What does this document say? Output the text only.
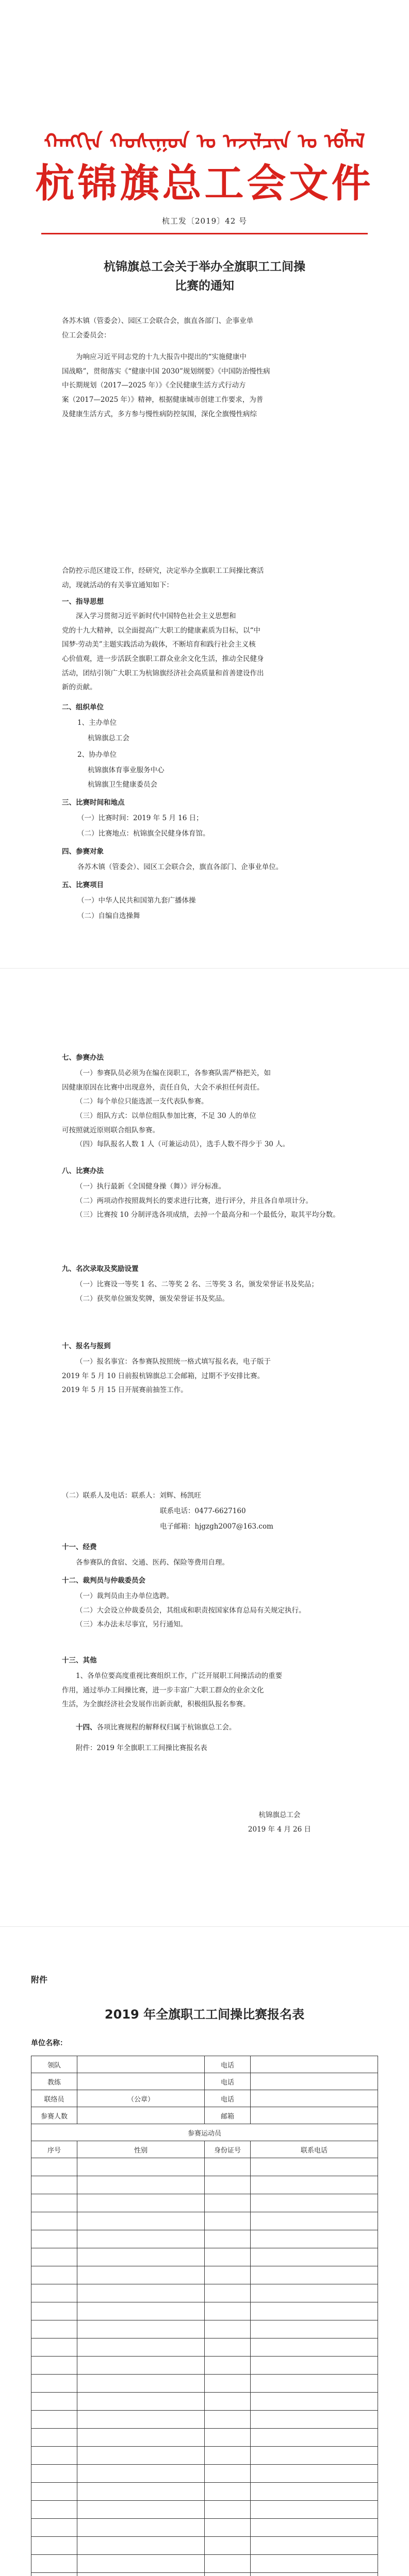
ᠬᠠᠩᠭᠢᠨ ᠬᠣᠰᠢᠭᠤᠨ ᠤ ᠠᠵᠢᠯᠴᠢᠨ ᠤ ᠡᠪᠯᠡᠯ
杭锦旗总工会文件
杭工发〔2019〕42 号
杭锦旗总工会关于举办全旗职工工间操
比赛的通知
各苏木镇（管委会）、园区工会联合会，旗直各部门、企事业单
位工会委员会：
为响应习近平同志党的十九大报告中提出的“实施健康中
国战略”，贯彻落实《“健康中国 2030”规划纲要》《中国防治慢性病
中长期规划（2017—2025 年）》《全民健康生活方式行动方
案（2017—2025 年）》精神，根据健康城市创建工作要求，为普
及健康生活方式，多方参与慢性病防控氛围，深化全旗慢性病综
合防控示范区建设工作，经研究，决定举办全旗职工工间操比赛活
动，现就活动的有关事宜通知如下：
一、指导思想
深入学习贯彻习近平新时代中国特色社会主义思想和
党的十九大精神，以全面提高广大职工的健康素质为目标，以“中
国梦·劳动美”主题实践活动为载体，不断培育和践行社会主义核
心价值观，进一步活跃全旗职工群众业余文化生活，推动全民健身
活动，团结引领广大职工为杭锦旗经济社会高质量和首善建设作出
新的贡献。
二、组织单位
1、主办单位
杭锦旗总工会
2、协办单位
杭锦旗体育事业服务中心
杭锦旗卫生健康委员会
三、比赛时间和地点
（一）比赛时间：2019 年 5 月 16 日；
（二）比赛地点：杭锦旗全民健身体育馆。
四、参赛对象
各苏木镇（管委会）、园区工会联合会，旗直各部门、企事业单位。
五、比赛项目
（一）中华人民共和国第九套广播体操
（二）自编自选操舞
七、参赛办法
（一）参赛队员必须为在编在岗职工，各参赛队需严格把关，如
因健康原因在比赛中出现意外，责任自负，大会不承担任何责任。
（二）每个单位只能选派一支代表队参赛。
（三）组队方式：以单位组队参加比赛，不足 30 人的单位
可按照就近原则联合组队参赛。
（四）每队报名人数 1 人（可兼运动员），选手人数不得少于 30 人。
八、比赛办法
（一）执行最新《全国健身操（舞）》评分标准。
（二）两项动作按照裁判长的要求进行比赛，进行评分，并且各自单项计分。
（三）比赛按 10 分制评选各项成绩，去掉一个最高分和一个最低分，取其平均分数。
九、名次录取及奖励设置
（一）比赛设一等奖 1 名、二等奖 2 名、三等奖 3 名，颁发荣誉证书及奖品；
（二）获奖单位颁发奖牌，颁发荣誉证书及奖品。
十、报名与报到
（一）报名事宜：各参赛队按照统一格式填写报名表，电子版于
2019 年 5 月 10 日前报杭锦旗总工会邮箱，过期不予安排比赛。
2019 年 5 月 15 日开展赛前抽签工作。
（二）联系人及电话：联系人：刘辉、杨凯旺
联系电话：0477-6627160
电子邮箱：hjgzgh2007@163.com
十一、经费
各参赛队的食宿、交通、医药、保险等费用自理。
十二、裁判员与仲裁委员会
（一）裁判员由主办单位选聘。
（二）大会设立仲裁委员会，其组成和职责按国家体育总局有关规定执行。
（三）本办法未尽事宜，另行通知。
十三、其他
1、各单位要高度重视比赛组织工作，广泛开展职工间操活动的重要
作用，通过举办工间操比赛，进一步丰富广大职工群众的业余文化
生活，为全旗经济社会发展作出新贡献，积极组队报名参赛。
十四、各项比赛规程的解释权归属于杭锦旗总工会。
附件：2019 年全旗职工工间操比赛报名表
杭锦旗总工会
2019 年 4 月 26 日
附件
2019 年全旗职工工间操比赛报名表
单位名称：
领队		电话	
教练		电话	
联络员	（公章）	电话	
参赛人数		邮箱	
参赛运动员			
序号	性别	身份证号	联系电话
